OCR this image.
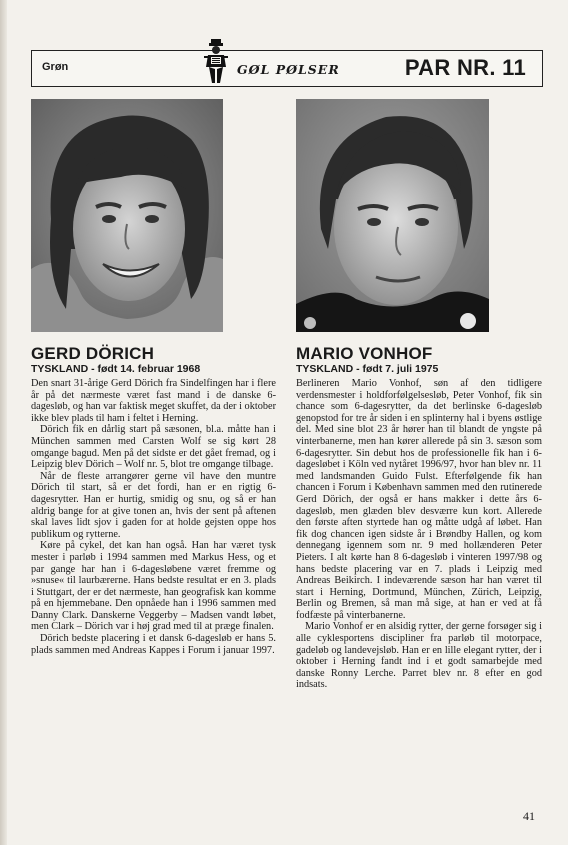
Grøn	GØL PØLSER	PAR NR. 11
GERD DÖRICH
TYSKLAND - født 14. februar 1968

Den snart 31-årige Gerd Dörich fra Sindelfingen har i flere år på det nærmeste været fast mand i de danske 6-dagesløb, og han var faktisk meget skuffet, da der i oktober ikke blev plads til ham i feltet i Herning.

Dörich fik en dårlig start på sæsonen, bl.a. måtte han i München sammen med Carsten Wolf se sig kørt 28 omgange bagud. Men på det sidste er det gået fremad, og i Leipzig blev Dörich – Wolf nr. 5, blot tre omgange tilbage.

Når de fleste arrangører gerne vil have den muntre Dörich til start, så er det fordi, han er en rigtig 6-dagesrytter. Han er hurtig, smidig og snu, og så er han aldrig bange for at give tonen an, hvis der sent på aftenen skal laves lidt sjov i gaden for at holde gejsten oppe hos publikum og rytterne.

Køre på cykel, det kan han også. Han har været tysk mester i parløb i 1994 sammen med Markus Hess, og et par gange har han i 6-dagesløbene været fremme og »snuse« til laurbærerne. Hans bedste resultat er en 3. plads i Stuttgart, der er det nærmeste, han geografisk kan komme på en hjemmebane. Den opnåede han i 1996 sammen med Danny Clark. Danskerne Veggerby – Madsen vandt løbet, men Clark – Dörich var i høj grad med til at præge finalen.

Dörich bedste placering i et dansk 6-dagesløb er hans 5. plads sammen med Andreas Kappes i Forum i januar 1997.

MARIO VONHOF
TYSKLAND - født 7. juli 1975

Berlineren Mario Vonhof, søn af den tidligere verdensmester i holdforfølgelsesløb, Peter Vonhof, fik sin chance som 6-dagesrytter, da det berlinske 6-dagesløb genopstod for tre år siden i en splinterny hal i byens østlige del. Med sine blot 23 år hører han til blandt de yngste på vinterbanerne, men han kører allerede på sin 3. sæson som 6-dagesrytter. Sin debut hos de professionelle fik han i 6-dagesløbet i Köln ved nytåret 1996/97, hvor han blev nr. 11 med landsmanden Guido Fulst. Efterfølgende fik han chancen i Forum i København sammen med den rutinerede Gerd Dörich, der også er hans makker i dette års 6-dagesløb, men glæden blev desværre kun kort. Allerede den første aften styrtede han og måtte udgå af løbet. Han fik dog chancen igen sidste år i Brøndby Hallen, og kom dennegang igennem som nr. 9 med hollænderen Peter Pieters. I alt kørte han 8 6-dagesløb i vinteren 1997/98 og hans bedste placering var en 7. plads i Leipzig med Andreas Beikirch. I indeværende sæson har han været til start i Herning, Dortmund, München, Zürich, Leipzig, Berlin og Bremen, så man må sige, at han er ved at få fodfæste på vinterbanerne.

Mario Vonhof er en alsidig rytter, der gerne forsøger sig i alle cyklesportens discipliner fra parløb til motorpace, gadeløb og landevejsløb. Han er en lille elegant rytter, der i oktober i Herning fandt ind i et godt samarbejde med danske Ronny Lerche. Parret blev nr. 8 efter en god indsats.

41
